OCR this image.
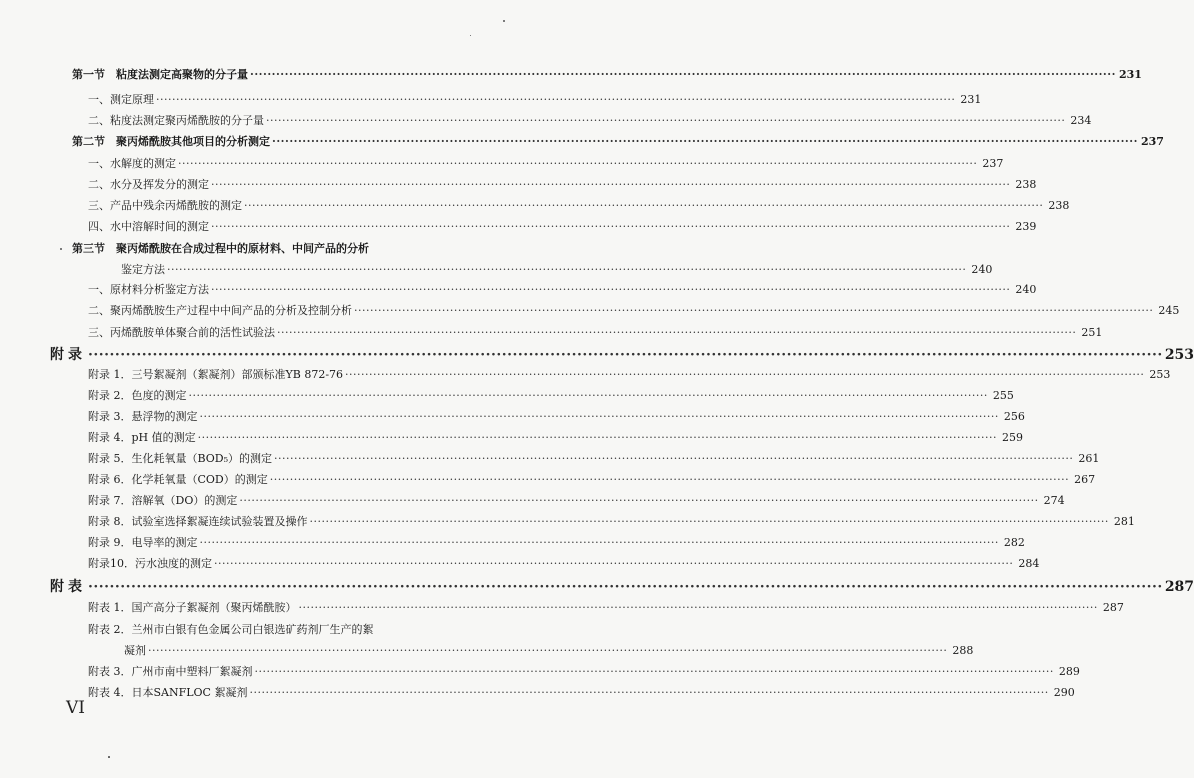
第一节　粘度法测定高聚物的分子量 ········································································································································································································ 231
一、测定原理 ········································································································································································································ 231
二、粘度法测定聚丙烯酰胺的分子量 ········································································································································································································ 234
第二节　聚丙烯酰胺其他项目的分析测定 ········································································································································································································ 237
一、水解度的测定 ········································································································································································································ 237
二、水分及挥发分的测定 ········································································································································································································ 238
三、产品中残余丙烯酰胺的测定 ········································································································································································································ 238
四、水中溶解时间的测定 ········································································································································································································ 239
第三节　聚丙烯酰胺在合成过程中的原材料、中间产品的分析
鉴定方法 ········································································································································································································ 240
一、原材料分析鉴定方法 ········································································································································································································ 240
二、聚丙烯酰胺生产过程中中间产品的分析及控制分析 ········································································································································································································ 245
三、丙烯酰胺单体聚合前的活性试验法 ········································································································································································································ 251
附录 ········································································································································································································ 253
附录 1．三号絮凝剂（絮凝剂）部颁标准YB 872-76 ········································································································································································································ 253
附录 2．色度的测定 ········································································································································································································ 255
附录 3．悬浮物的测定 ········································································································································································································ 256
附录 4．pH 值的测定 ········································································································································································································ 259
附录 5．生化耗氧量（BOD₅）的测定 ········································································································································································································ 261
附录 6．化学耗氧量（COD）的测定 ········································································································································································································ 267
附录 7．溶解氧（DO）的测定 ········································································································································································································ 274
附录 8．试验室选择絮凝连续试验装置及操作 ········································································································································································································ 281
附录 9．电导率的测定 ········································································································································································································ 282
附录10．污水浊度的测定 ········································································································································································································ 284
附表 ········································································································································································································ 287
附表 1．国产高分子絮凝剂（聚丙烯酰胺） ········································································································································································································ 287
附表 2．兰州市白银有色金属公司白银选矿药剂厂生产的絮
凝剂 ········································································································································································································ 288
附表 3．广州市南中塑料厂絮凝剂 ········································································································································································································ 289
附表 4．日本SANFLOC 絮凝剂 ········································································································································································································ 290
VI
